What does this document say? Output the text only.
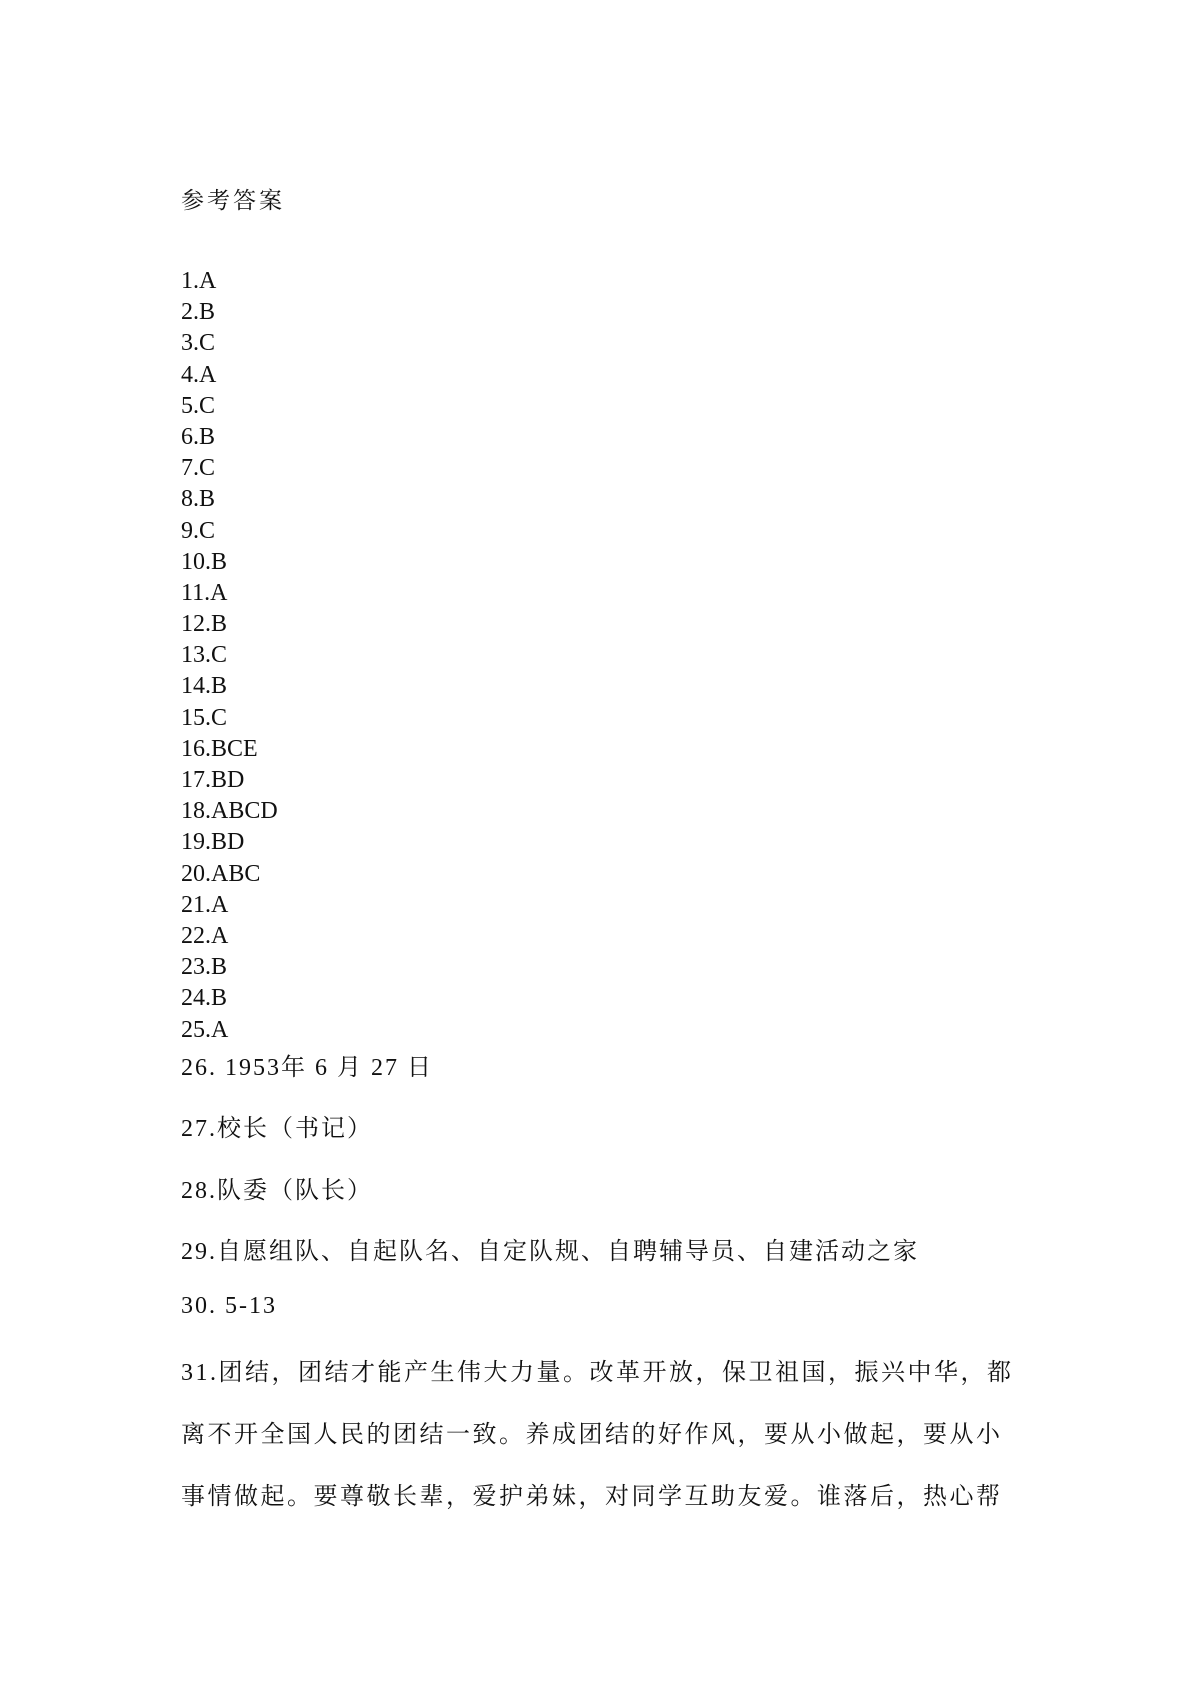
参考答案
1.A
2.B
3.C
4.A
5.C
6.B
7.C
8.B
9.C
10.B
11.A
12.B
13.C
14.B
15.C
16.BCE
17.BD
18.ABCD
19.BD
20.ABC
21.A
22.A
23.B
24.B
25.A
26. 1953年 6 月 27 日
27.校长（书记）
28.队委（队长）
29.自愿组队、自起队名、自定队规、自聘辅导员、自建活动之家
30. 5-13
31.团结，团结才能产生伟大力量。改革开放，保卫祖国，振兴中华，都离不开全国人民的团结一致。养成团结的好作风，要从小做起，要从小事情做起。要尊敬长辈，爱护弟妹，对同学互助友爱。谁落后，热心帮
